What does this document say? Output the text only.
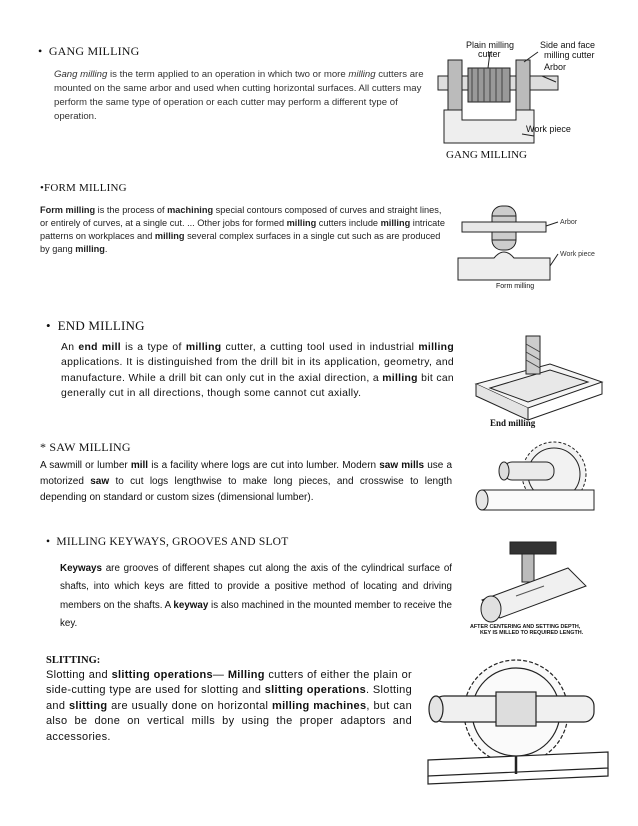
•  GANG MILLING
Gang milling is the term applied to an operation in which two or more milling cutters are mounted on the same arbor and used when cutting horizontal surfaces. All cutters may perform the same type of operation or each cutter may perform a different type of operation.
Plain milling
cutter
Side and face
milling cutter
Arbor
Work piece
GANG MILLING
•FORM MILLING
Form milling is the process of machining special contours composed of curves and straight lines, or entirely of curves, at a single cut. ... Other jobs for formed milling cutters include milling intricate patterns on workplaces and milling several complex surfaces in a single cut such as are produced by gang milling.
Arbor
Work piece
Form milling
•  END MILLING
An end mill is a type of milling cutter, a cutting tool used in industrial milling applications. It is distinguished from the drill bit in its application, geometry, and manufacture. While a drill bit can only cut in the axial direction, a milling bit can generally cut in all directions, though some cannot cut axially.
End milling
* SAW MILLING
A sawmill or lumber mill is a facility where logs are cut into lumber. Modern saw mills use a motorized saw to cut logs lengthwise to make long pieces, and crosswise to length depending on standard or custom sizes (dimensional lumber).
•  MILLING KEYWAYS, GROOVES AND SLOT
Keyways are grooves of different shapes cut along the axis of the cylindrical surface of shafts, into which keys are fitted to provide a positive method of locating and driving members on the shafts. A keyway is also machined in the mounted member to receive the key.	AFTER CENTERING AND SETTING DEPTH,
KEY IS MILLED TO REQUIRED LENGTH.
SLITTING:
Slotting and slitting operations— Milling cutters of either the plain or side-cutting type are used for slotting and slitting operations. Slotting and slitting are usually done on horizontal milling machines, but can also be done on vertical mills by using the proper adaptors and accessories.
